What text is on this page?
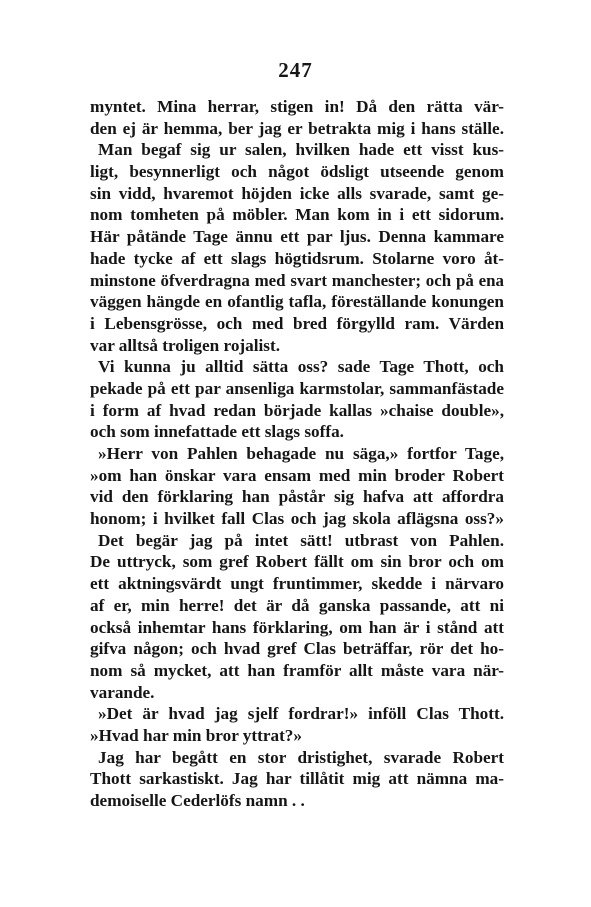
247
myntet. Mina herrar, stigen in! Då den rätta vär-
den ej är hemma, ber jag er betrakta mig i hans ställe.
Man begaf sig ur salen, hvilken hade ett visst kus-
ligt, besynnerligt och något ödsligt utseende genom
sin vidd, hvaremot höjden icke alls svarade, samt ge-
nom tomheten på möbler. Man kom in i ett sidorum.
Här påtände Tage ännu ett par ljus. Denna kammare
hade tycke af ett slags högtidsrum. Stolarne voro åt-
minstone öfverdragna med svart manchester; och på ena
väggen hängde en ofantlig tafla, föreställande konungen
i Lebensgrösse, och med bred förgylld ram. Värden
var alltså troligen rojalist.
Vi kunna ju alltid sätta oss? sade Tage Thott, och
pekade på ett par ansenliga karmstolar, sammanfästade
i form af hvad redan började kallas »chaise double»,
och som innefattade ett slags soffa.
»Herr von Pahlen behagade nu säga,» fortfor Tage,
»om han önskar vara ensam med min broder Robert
vid den förklaring han påstår sig hafva att affordra
honom; i hvilket fall Clas och jag skola aflägsna oss?»
Det begär jag på intet sätt! utbrast von Pahlen.
De uttryck, som gref Robert fällt om sin bror och om
ett aktningsvärdt ungt fruntimmer, skedde i närvaro
af er, min herre! det är då ganska passande, att ni
också inhemtar hans förklaring, om han är i stånd att
gifva någon; och hvad gref Clas beträffar, rör det ho-
nom så mycket, att han framför allt måste vara när-
varande.
»Det är hvad jag sjelf fordrar!» inföll Clas Thott.
»Hvad har min bror yttrat?»
Jag har begått en stor dristighet, svarade Robert
Thott sarkastiskt. Jag har tillåtit mig att nämna ma-
demoiselle Cederlöfs namn . .
